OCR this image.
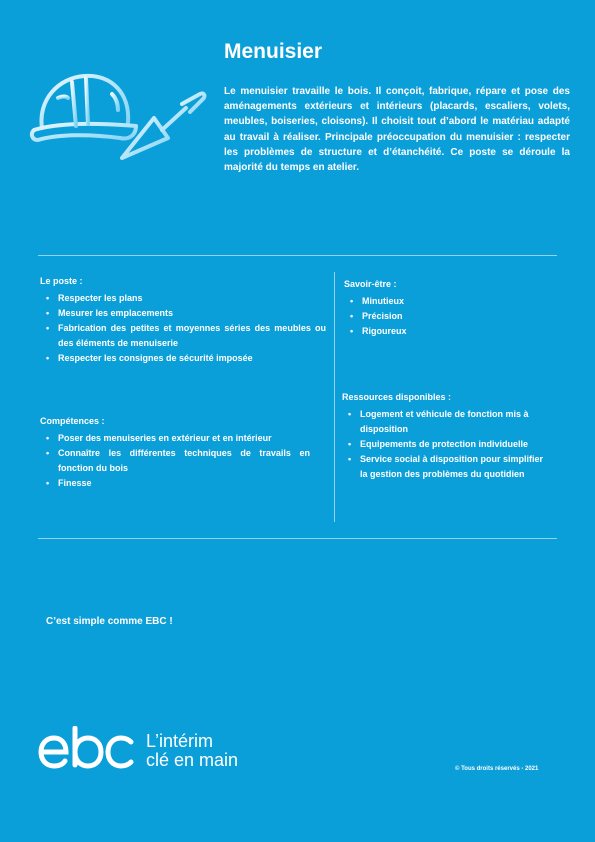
Menuisier

Le menuisier travaille le bois. Il conçoit, fabrique, répare et pose des aménagements extérieurs et intérieurs (placards, escaliers, volets, meubles, boiseries, cloisons). Il choisit tout d’abord le matériau adapté au travail à réaliser. Principale préoccupation du menuisier : respecter les problèmes de structure et d’étanchéité. Ce poste se déroule la majorité du temps en atelier.

Le poste :

• Respecter les plans
• Mesurer les emplacements
• Fabrication des petites et moyennes séries des meubles ou des éléments de menuiserie
• Respecter les consignes de sécurité imposée

Compétences :

• Poser des menuiseries en extérieur et en intérieur
• Connaître les différentes techniques de travails en fonction du bois
• Finesse

Savoir-être :

• Minutieux
• Précision
• Rigoureux

Ressources disponibles :

• Logement et véhicule de fonction mis à disposition
• Equipements de protection individuelle
• Service social à disposition pour simplifier la gestion des problèmes du quotidien

C’est simple comme EBC !

L’intérim
clé en main	© Tous droits réservés - 2021
